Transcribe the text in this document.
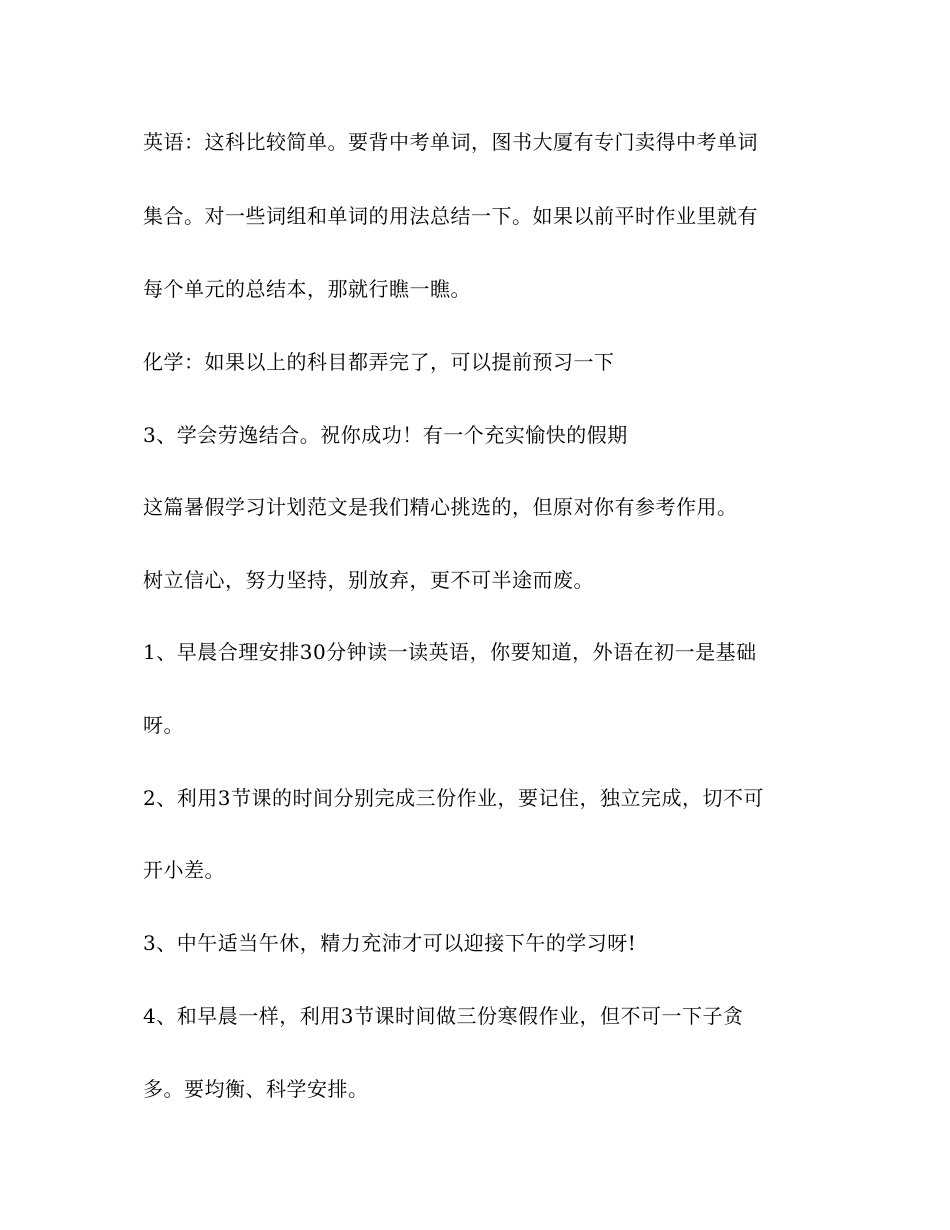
英语：这科比较简单。要背中考单词，图书大厦有专门卖得中考单词

集合。对一些词组和单词的用法总结一下。如果以前平时作业里就有

每个单元的总结本，那就行瞧一瞧。

化学：如果以上的科目都弄完了，可以提前预习一下

3、学会劳逸结合。祝你成功！有一个充实愉快的假期

这篇暑假学习计划范文是我们精心挑选的，但原对你有参考作用。

树立信心，努力坚持，别放弃，更不可半途而废。

1、早晨合理安排30分钟读一读英语，你要知道，外语在初一是基础

呀。

2、利用3节课的时间分别完成三份作业，要记住，独立完成，切不可

开小差。

3、中午适当午休，精力充沛才可以迎接下午的学习呀!

4、和早晨一样，利用3节课时间做三份寒假作业，但不可一下子贪

多。要均衡、科学安排。
